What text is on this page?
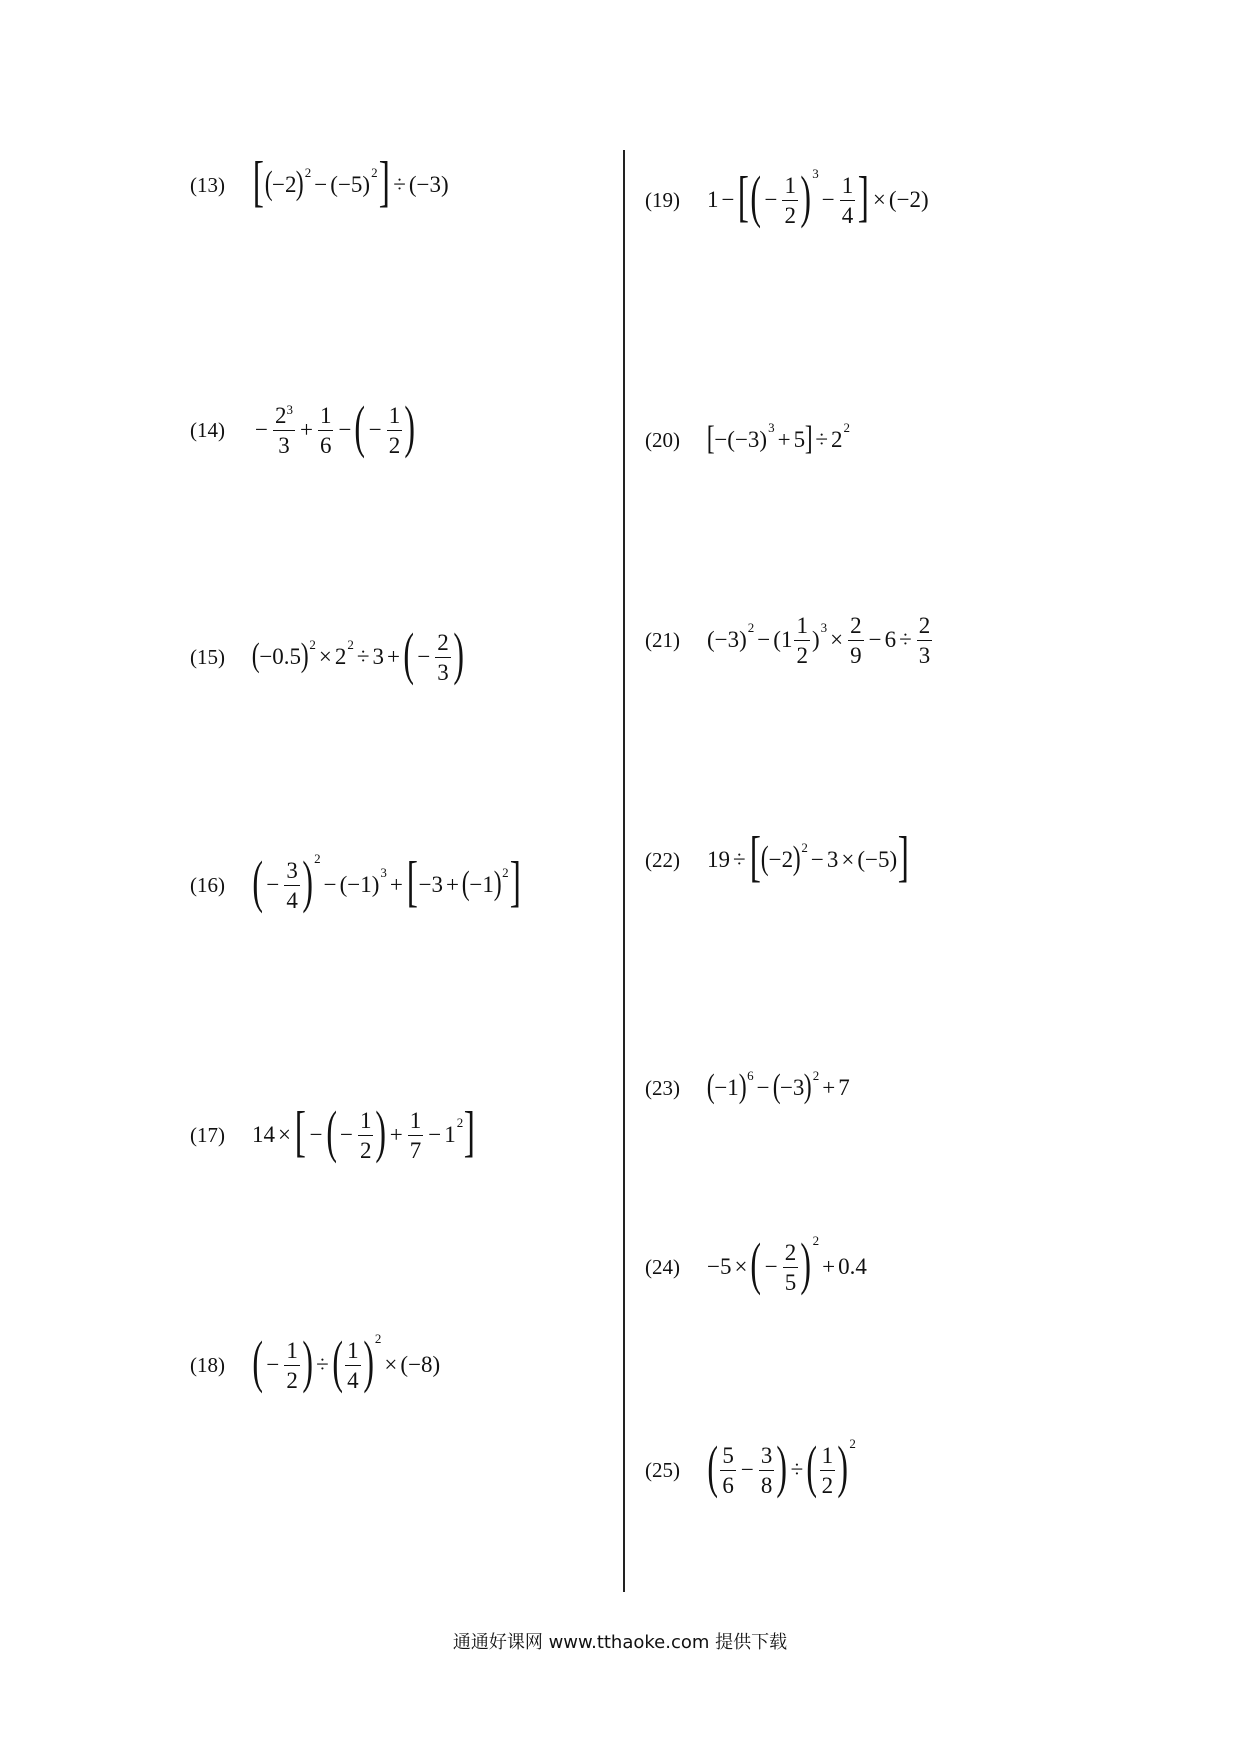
(13) [ ( −2 ) 2 − (−5) 2 ] ÷ (−3)
(14)	− $\frac{2^3}{3} + \frac{1}{6}$ − ( − $\frac{1}{2}$ )
(15) ( −0.5 ) 2 × 2 2 ÷ 3 + ( − $\frac{2}{3}$ )
(16) ( − $\frac{3}{4}$ ) 2
− (−1) 3 + [ −3 + ( −1 ) 2 ]
(17)	14 × [ − ( − $\frac{1}{2}$ ) + $\frac{1}{7} - 1$ 2 ]
(18) ( − $\frac{1}{2}$ ) ÷ ( $\frac{1}{4}$ ) 2
× (−8)
(19)	1 − [ ( − $\frac{1}{2}$ ) 3
− $\frac{1}{4}$ ] × (−2)
(20) [ −(−3) 3 + 5 ] ÷ 2 2
(21)	(−3) 2 − ( $1 \frac{1}{2}$ ) $3 \times \frac{2}{9} - 6 \div \frac{2}{3}$
(22)	19 ÷ [ ( −2 ) 2 − 3 × (−5) ]
(23) ( −1 ) 6 − ( −3 ) 2 + 7
(24)	−5 × ( − $\frac{2}{5}$ ) 2
+ 0.4
(25) ( $\frac{5}{6} - \frac{3}{8}$ ) ÷ ( $\frac{1}{2}$ ) 2
通通好课网 www.tthaoke.com 提供下载
